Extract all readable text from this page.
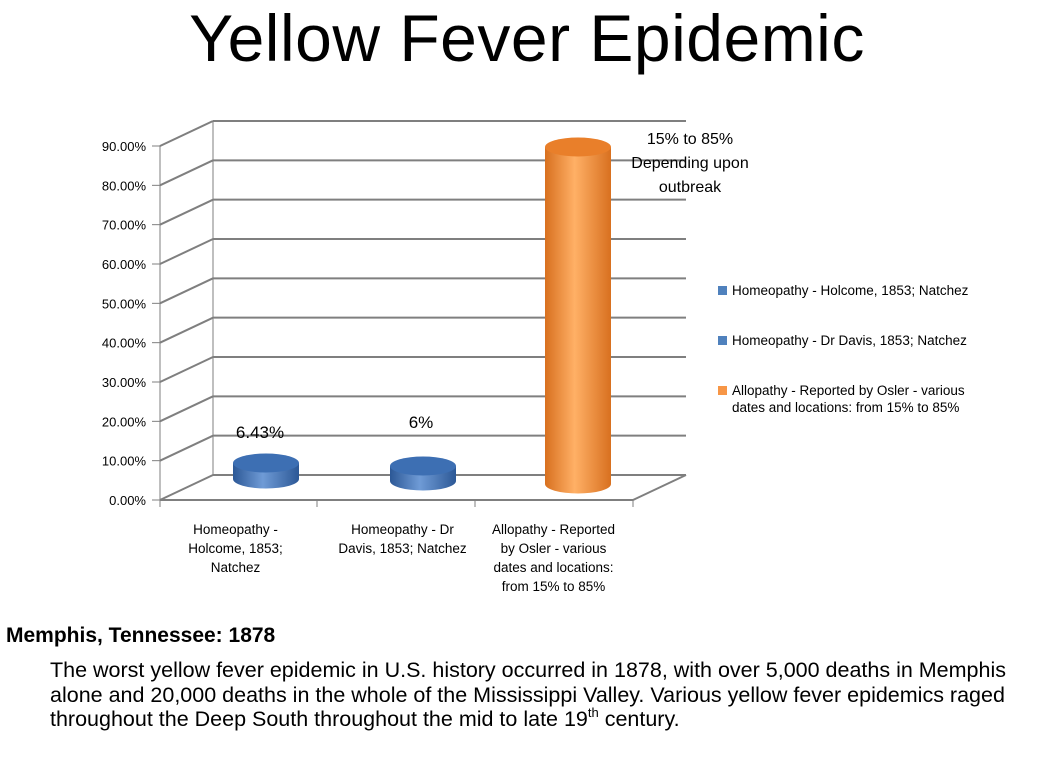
Yellow Fever Epidemic
0.00%
10.00%
20.00%
30.00%
40.00%
50.00%
60.00%
70.00%
80.00%
90.00%
6.43%
6%
15% to 85%
Depending upon
outbreak
Homeopathy - Holcome, 1853; Natchez
Homeopathy - Dr Davis, 1853; Natchez
Allopathy - Reported by Osler - various
dates and locations: from 15% to 85%
Homeopathy -
Holcome, 1853;
Natchez
Homeopathy - Dr
Davis, 1853; Natchez
Allopathy - Reported
by Osler - various
dates and locations:
from 15% to 85%
Memphis, Tennessee: 1878
The worst yellow fever epidemic in U.S. history occurred in 1878, with over 5,000 deaths in Memphis alone and 20,000 deaths in the whole of the Mississippi Valley. Various yellow fever epidemics raged throughout the Deep South throughout the mid to late 19th century.
